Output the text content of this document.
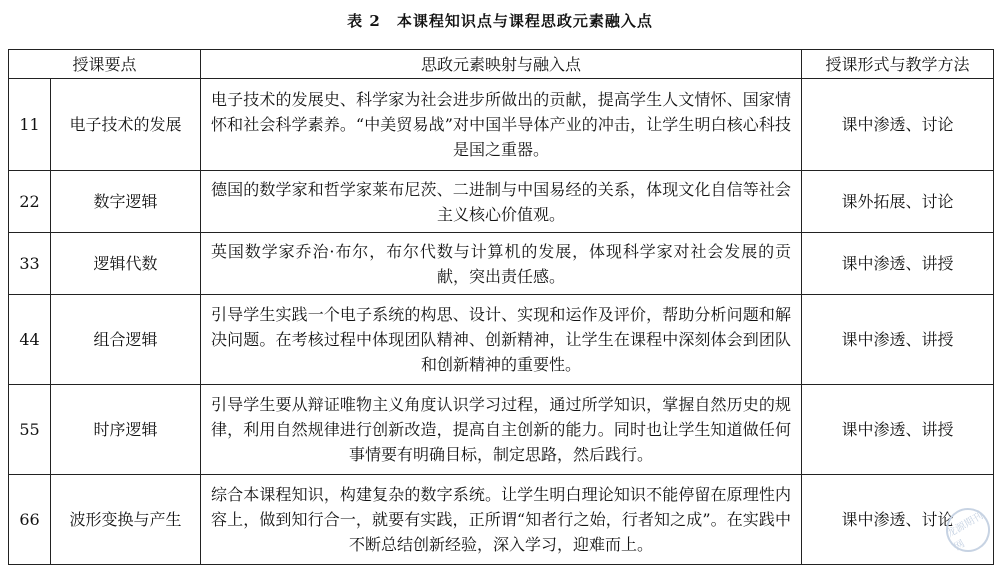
表 2　本课程知识点与课程思政元素融入点
授课要点		思政元素映射与融入点	授课形式与教学方法
11	电子技术的发展	电子技术的发展史、科学家为社会进步所做出的贡献，提高学生人文情怀、国家情怀和社会科学素养。“中美贸易战”对中国半导体产业的冲击，让学生明白核心科技是国之重器。	课中渗透、讨论
22	数字逻辑	德国的数学家和哲学家莱布尼茨、二进制与中国易经的关系，体现文化自信等社会主义核心价值观。	课外拓展、讨论
33	逻辑代数	英国数学家乔治·布尔，布尔代数与计算机的发展，体现科学家对社会发展的贡献，突出责任感。	课中渗透、讲授
44	组合逻辑	引导学生实践一个电子系统的构思、设计、实现和运作及评价，帮助分析问题和解决问题。在考核过程中体现团队精神、创新精神，让学生在课程中深刻体会到团队和创新精神的重要性。	课中渗透、讲授
55	时序逻辑	引导学生要从辩证唯物主义角度认识学习过程，通过所学知识，掌握自然历史的规律，利用自然规律进行创新改造，提高自主创新的能力。同时也让学生知道做任何事情要有明确目标，制定思路，然后践行。	课中渗透、讲授
66	波形变换与产生	综合本课程知识，构建复杂的数字系统。让学生明白理论知识不能停留在原理性内容上，做到知行合一，就要有实践，正所谓“知者行之始，行者知之成”。在实践中不断总结创新经验，深入学习，迎难而上。	课中渗透、讨论
龙源期刊网
